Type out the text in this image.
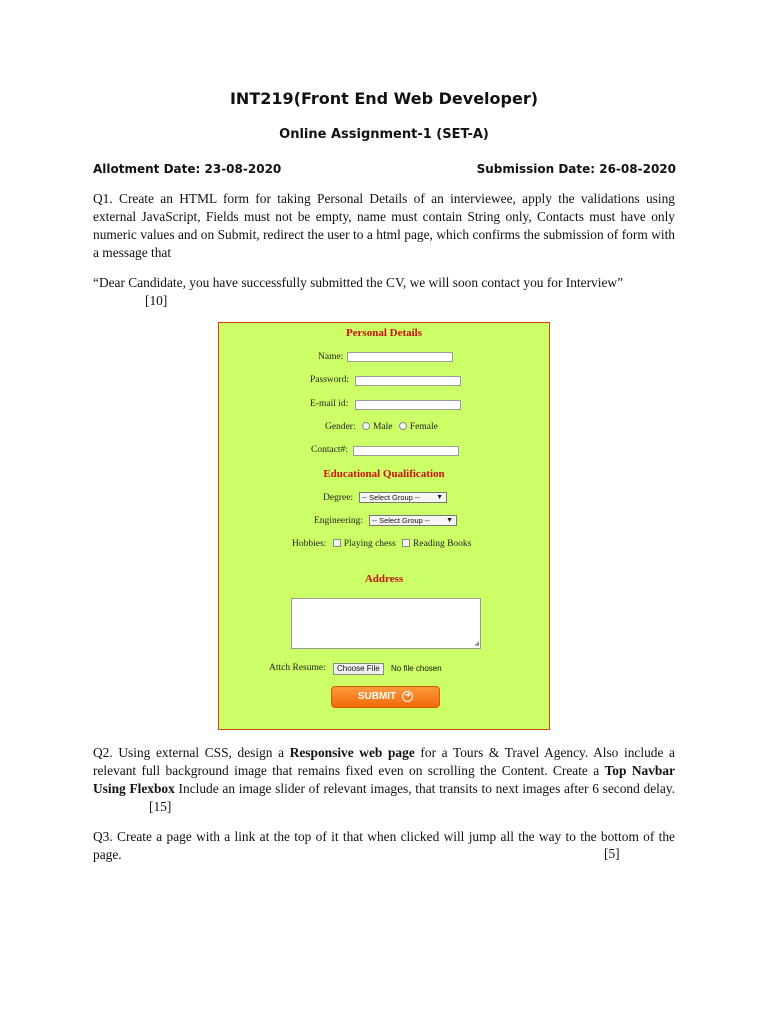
INT219(Front End Web Developer)
Online Assignment-1 (SET-A)
Allotment Date: 23-08-2020	Submission Date: 26-08-2020
Q1. Create an HTML form for taking Personal Details of an interviewee, apply the validations using external JavaScript, Fields must not be empty, name must contain String only, Contacts must have only numeric values and on Submit, redirect the user to a html page, which confirms the submission of form with a message that
“Dear Candidate, you have successfully submitted the CV, we will soon contact you for Interview”
[10]
Personal Details
Name:
Password:
E-mail id:
Gender: Male Female
Contact#:
Educational Qualification
Degree:	-- Select Group -- ▼
Engineering:	-- Select Group -- ▼
Hobbies: Playing chess Reading Books
Address
◢
Attch Resume:	Choose File	No file chosen
SUBMIT ➜
Q2. Using external CSS, design a Responsive web page for a Tours & Travel Agency. Also include a relevant full background image that remains fixed even on scrolling the Content. Create a Top Navbar Using Flexbox Include an image slider of relevant images, that transits to next images after 6 second delay.[15]
Q3. Create a page with a link at the top of it that when clicked will jump all the way to the bottom of the page.	[5]
